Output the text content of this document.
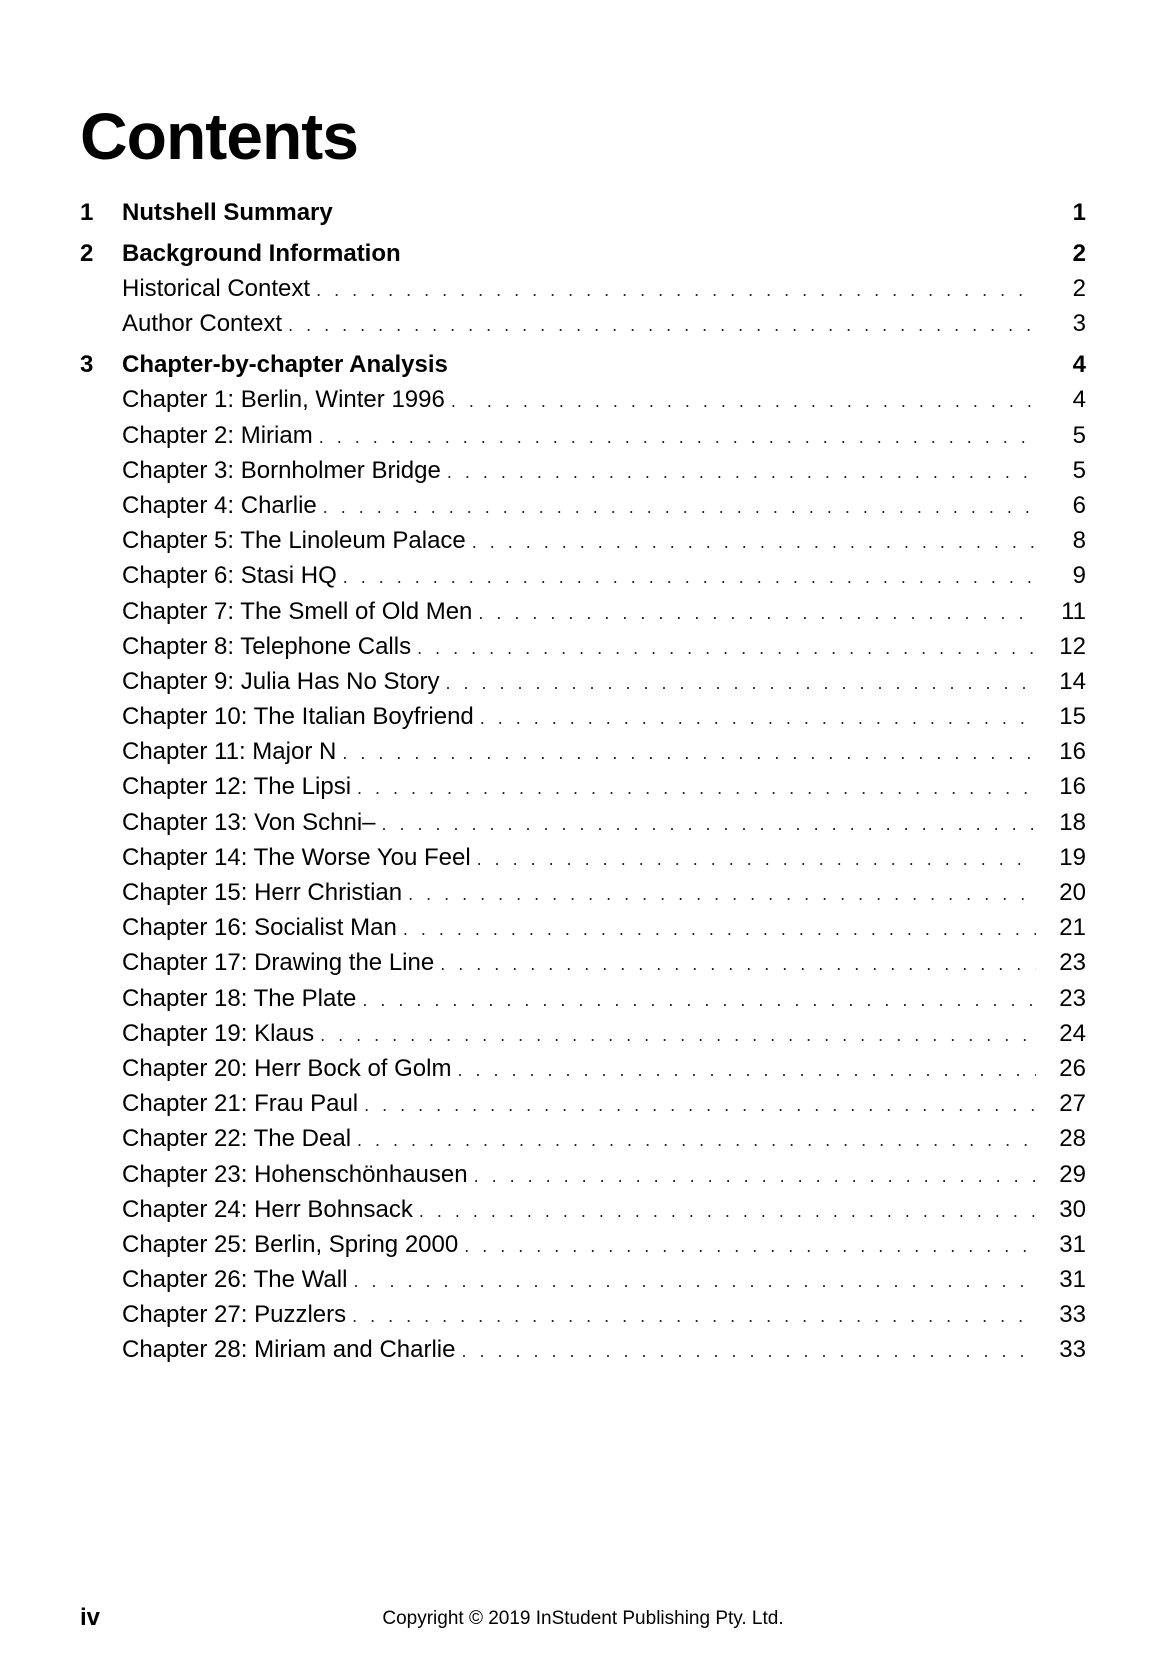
Contents
1	Nutshell Summary	1
2	Background Information	2
Historical Context . . .	2
Author Context . . .	3
3	Chapter-by-chapter Analysis	4
Chapter 1: Berlin, Winter 1996 . . .	4
Chapter 2: Miriam . . .	5
Chapter 3: Bornholmer Bridge . . .	5
Chapter 4: Charlie . . .	6
Chapter 5: The Linoleum Palace . . .	8
Chapter 6: Stasi HQ . . .	9
Chapter 7: The Smell of Old Men . . .	11
Chapter 8: Telephone Calls . . .	12
Chapter 9: Julia Has No Story . . .	14
Chapter 10: The Italian Boyfriend . . .	15
Chapter 11: Major N . . .	16
Chapter 12: The Lipsi . . .	16
Chapter 13: Von Schni– . . .	18
Chapter 14: The Worse You Feel . . .	19
Chapter 15: Herr Christian . . .	20
Chapter 16: Socialist Man . . .	21
Chapter 17: Drawing the Line . . .	23
Chapter 18: The Plate . . .	23
Chapter 19: Klaus . . .	24
Chapter 20: Herr Bock of Golm . . .	26
Chapter 21: Frau Paul . . .	27
Chapter 22: The Deal . . .	28
Chapter 23: Hohenschönhausen . . .	29
Chapter 24: Herr Bohnsack . . .	30
Chapter 25: Berlin, Spring 2000 . . .	31
Chapter 26: The Wall . . .	31
Chapter 27: Puzzlers . . .	33
Chapter 28: Miriam and Charlie . . .	33
iv	Copyright © 2019 InStudent Publishing Pty. Ltd.
